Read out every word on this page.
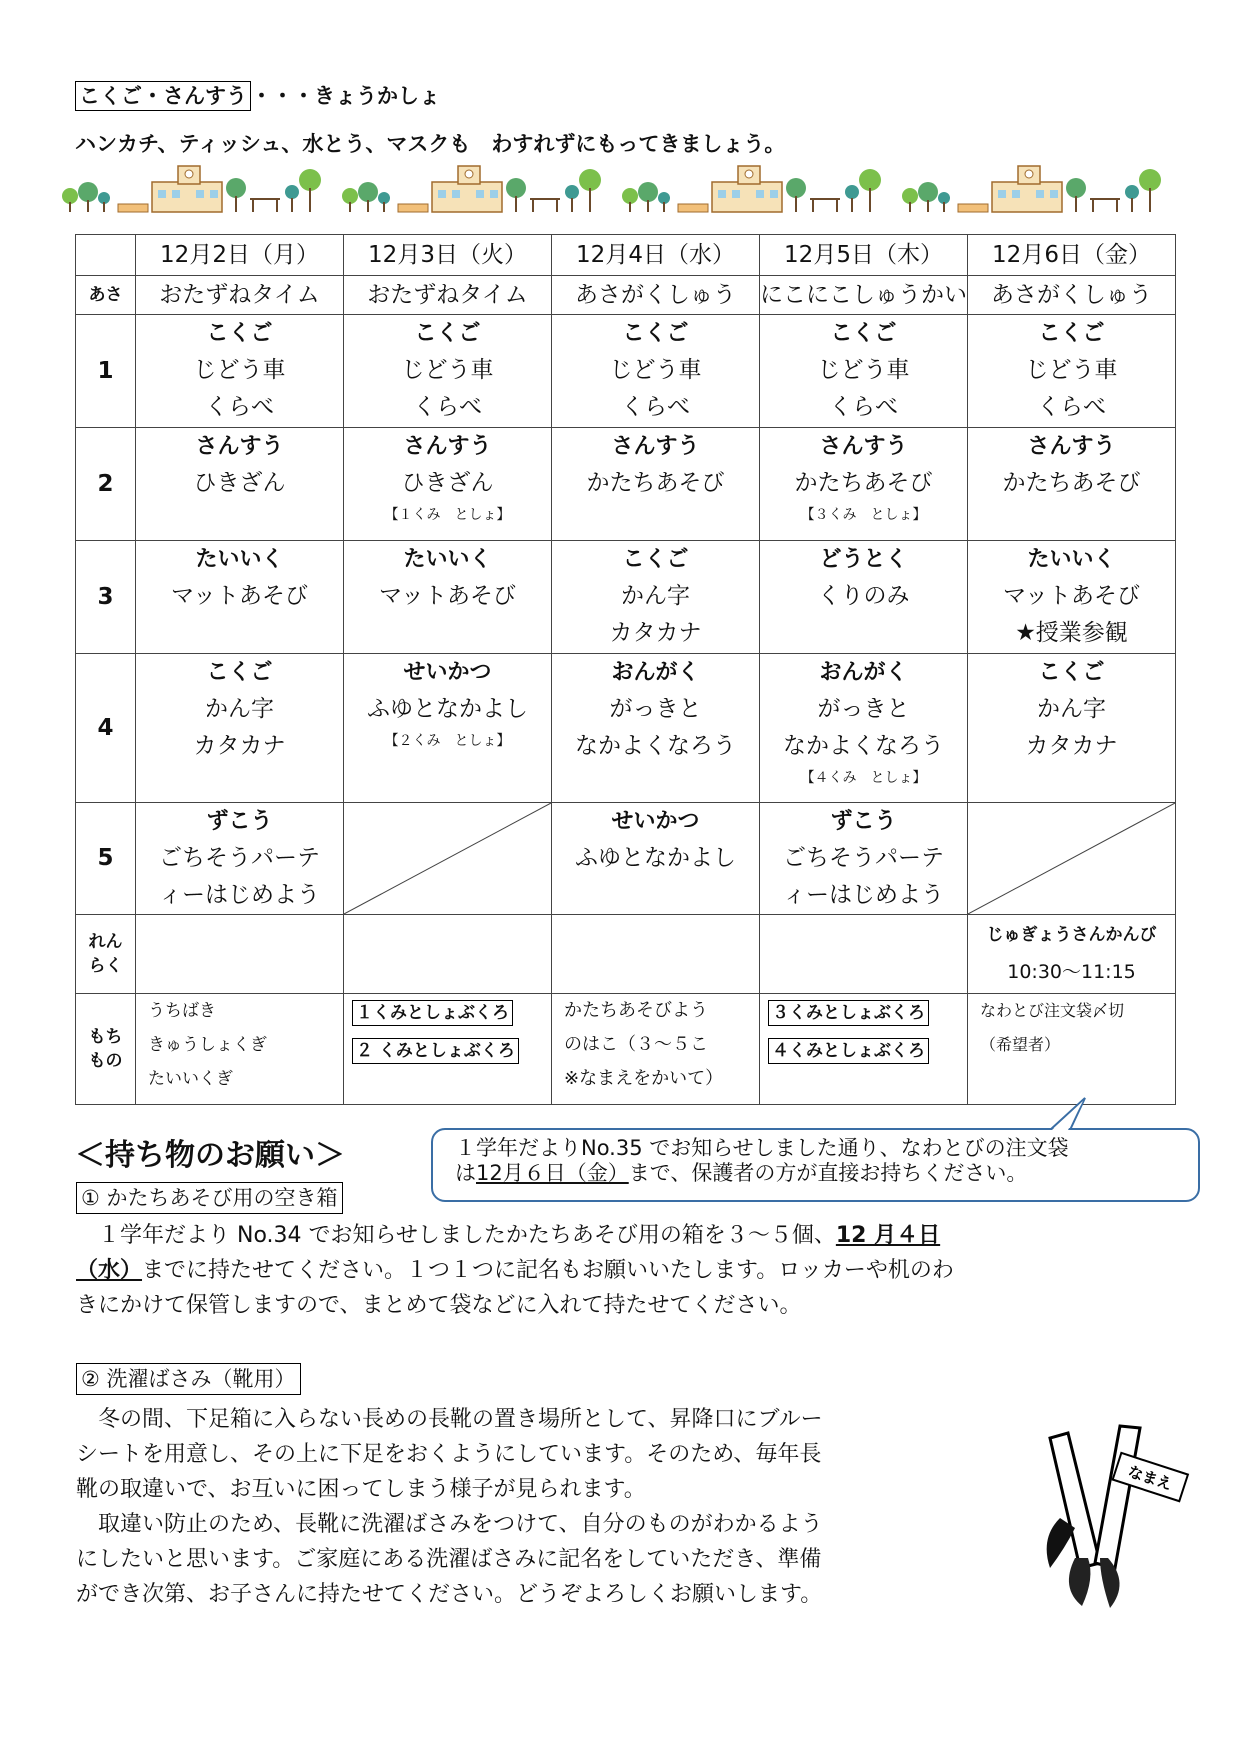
こくご・さんすう ・・・きょうかしょ
ハンカチ、ティッシュ、水とう、マスクも　わすれずにもってきましょう。
	12月2日（月）	12月3日（火）	12月4日（水）	12月5日（木）	12月6日（金）
あさ	おたずねタイム	おたずねタイム	あさがくしゅう	にこにこしゅうかい	あさがくしゅう
1	こくご
じどう車
くらべ	こくご
じどう車
くらべ	こくご
じどう車
くらべ	こくご
じどう車
くらべ	こくご
じどう車
くらべ

2	さんすう
ひきざん	さんすう
ひきざん
【１くみ　としょ】	さんすう
かたちあそび	さんすう
かたちあそび
【３くみ　としょ】	さんすう
かたちあそび

3	たいいく
マットあそび	たいいく
マットあそび	こくご
かん字
カタカナ	どうとく
くりのみ	たいいく
マットあそび
★授業参観

4	こくご
かん字
カタカナ	せいかつ
ふゆとなかよし
【２くみ　としょ】	おんがく
がっきと
なかよくなろう	おんがく
がっきと
なかよくなろう
【４くみ　としょ】	こくご
かん字
カタカナ

5	ずこう
ごちそうパーテ
ィーはじめよう		せいかつ
ふゆとなかよし	ずこう
ごちそうパーテ
ィーはじめよう

れん
らく					じゅぎょうさんかんび
10:30～11:15

もち
もの	うちばき
きゅうしょくぎ
たいいくぎ	１くみとしょぶくろ
２ くみとしょぶくろ	かたちあそびよう
のはこ（３～５こ
※なまえをかいて）	３くみとしょぶくろ
４くみとしょぶくろ	なわとび注文袋〆切
（希望者）
１学年だよりNo.35 でお知らせしました通り、なわとびの注文袋
は12月６日（金）まで、保護者の方が直接お持ちください。
＜持ち物のお願い＞
① かたちあそび用の空き箱
　１学年だより No.34 でお知らせしましたかたちあそび用の箱を３～５個、12 月４日
（水）までに持たせてください。１つ１つに記名もお願いいたします。ロッカーや机のわ
きにかけて保管しますので、まとめて袋などに入れて持たせてください。
② 洗濯ばさみ（靴用）
　冬の間、下足箱に入らない長めの長靴の置き場所として、昇降口にブルー
シートを用意し、その上に下足をおくようにしています。そのため、毎年長
靴の取違いで、お互いに困ってしまう様子が見られます。
　取違い防止のため、長靴に洗濯ばさみをつけて、自分のものがわかるよう
にしたいと思います。ご家庭にある洗濯ばさみに記名をしていただき、準備
ができ次第、お子さんに持たせてください。どうぞよろしくお願いします。
なまえ
